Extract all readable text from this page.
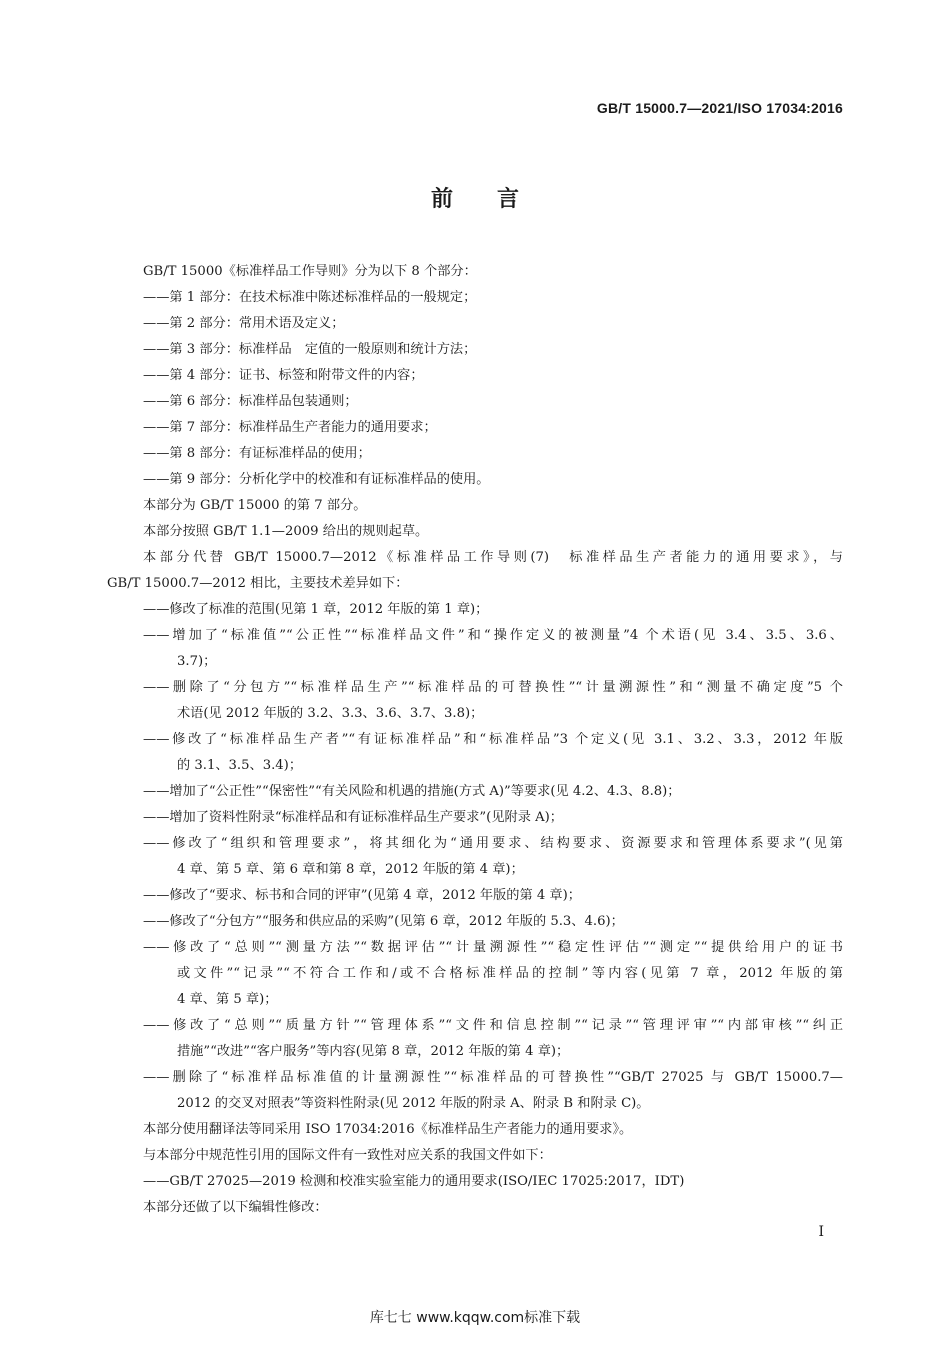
GB/T 15000.7—2021/ISO 17034:2016
前言
GB/T 15000《标准样品工作导则》分为以下 8 个部分：
——第 1 部分：在技术标准中陈述标准样品的一般规定；
——第 2 部分：常用术语及定义；
——第 3 部分：标准样品　定值的一般原则和统计方法；
——第 4 部分：证书、标签和附带文件的内容；
——第 6 部分：标准样品包装通则；
——第 7 部分：标准样品生产者能力的通用要求；
——第 8 部分：有证标准样品的使用；
——第 9 部分：分析化学中的校准和有证标准样品的使用。
本部分为 GB/T 15000 的第 7 部分。
本部分按照 GB/T 1.1—2009 给出的规则起草。
本部分代替 GB/T 15000.7—2012《标准样品工作导则(7)　标准样品生产者能力的通用要求》，与
GB/T 15000.7—2012 相比，主要技术差异如下：
——修改了标准的范围(见第 1 章，2012 年版的第 1 章)；
——增加了“标准值”“公正性”“标准样品文件”和“操作定义的被测量”4 个术语(见 3.4、3.5、3.6、
3.7)；
——删除了“分包方”“标准样品生产”“标准样品的可替换性”“计量溯源性”和“测量不确定度”5 个
术语(见 2012 年版的 3.2、3.3、3.6、3.7、3.8)；
——修改了“标准样品生产者”“有证标准样品”和“标准样品”3 个定义(见 3.1、3.2、3.3，2012 年版
的 3.1、3.5、3.4)；
——增加了“公正性”“保密性”“有关风险和机遇的措施(方式 A)”等要求(见 4.2、4.3、8.8)；
——增加了资料性附录“标准样品和有证标准样品生产要求”(见附录 A)；
——修改了“组织和管理要求”，将其细化为“通用要求、结构要求、资源要求和管理体系要求”(见第
4 章、第 5 章、第 6 章和第 8 章，2012 年版的第 4 章)；
——修改了“要求、标书和合同的评审”(见第 4 章，2012 年版的第 4 章)；
——修改了“分包方”“服务和供应品的采购”(见第 6 章，2012 年版的 5.3、4.6)；
——修改了“总则”“测量方法”“数据评估”“计量溯源性”“稳定性评估”“测定”“提供给用户的证书
或文件”“记录”“不符合工作和/或不合格标准样品的控制”等内容(见第 7 章，2012 年版的第
4 章、第 5 章)；
——修改了“总则”“质量方针”“管理体系”“文件和信息控制”“记录”“管理评审”“内部审核”“纠正
措施”“改进”“客户服务”等内容(见第 8 章，2012 年版的第 4 章)；
——删除了“标准样品标准值的计量溯源性”“标准样品的可替换性”“GB/T 27025 与 GB/T 15000.7—
2012 的交叉对照表”等资料性附录(见 2012 年版的附录 A、附录 B 和附录 C)。
本部分使用翻译法等同采用 ISO 17034:2016《标准样品生产者能力的通用要求》。
与本部分中规范性引用的国际文件有一致性对应关系的我国文件如下：
——GB/T 27025—2019 检测和校准实验室能力的通用要求(ISO/IEC 17025:2017，IDT)
本部分还做了以下编辑性修改：
I
库七七 www.kqqw.com标准下载
